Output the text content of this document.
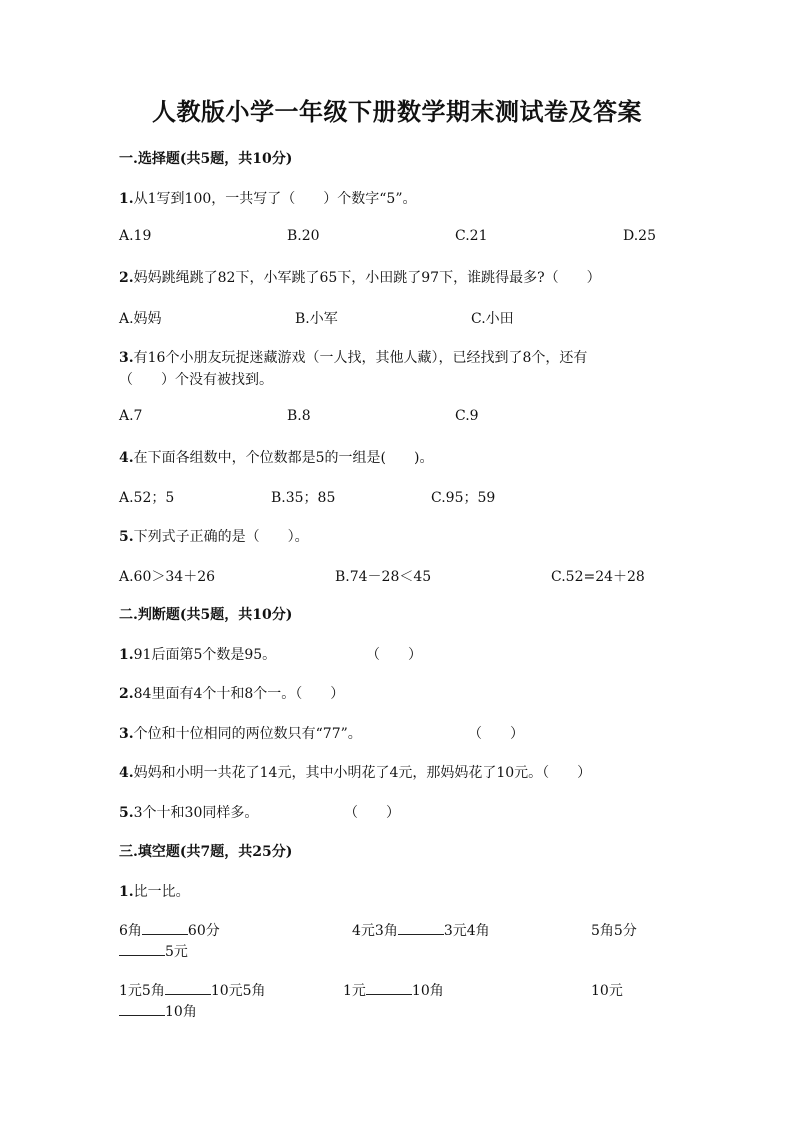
人教版小学一年级下册数学期末测试卷及答案
一.选择题(共5题，共10分)
1.从1写到100，一共写了（　　）个数字“5”。
A.19	B.20	C.21	D.25
2.妈妈跳绳跳了82下，小军跳了65下，小田跳了97下，谁跳得最多?（　　）
A.妈妈	B.小军	C.小田
3.有16个小朋友玩捉迷藏游戏（一人找，其他人藏），已经找到了8个，还有
（　　）个没有被找到。
A.7	B.8	C.9
4.在下面各组数中，个位数都是5的一组是(　　)。
A.52；5	B.35；85	C.95；59
5.下列式子正确的是（　　）。
A.60＞34＋26	B.74－28＜45	C.52=24＋28
二.判断题(共5题，共10分)
1.91后面第5个数是95。	（　　）
2.84里面有4个十和8个一。（　　）
3.个位和十位相同的两位数只有“77”。	（　　）
4.妈妈和小明一共花了14元，其中小明花了4元，那妈妈花了10元。（　　）
5.3个十和30同样多。	（　　）
三.填空题(共7题，共25分)
1.比一比。
6角	60分	4元3角	3元4角	5角5分
5元
1元5角	10元5角	1元	10角	10元
10角
